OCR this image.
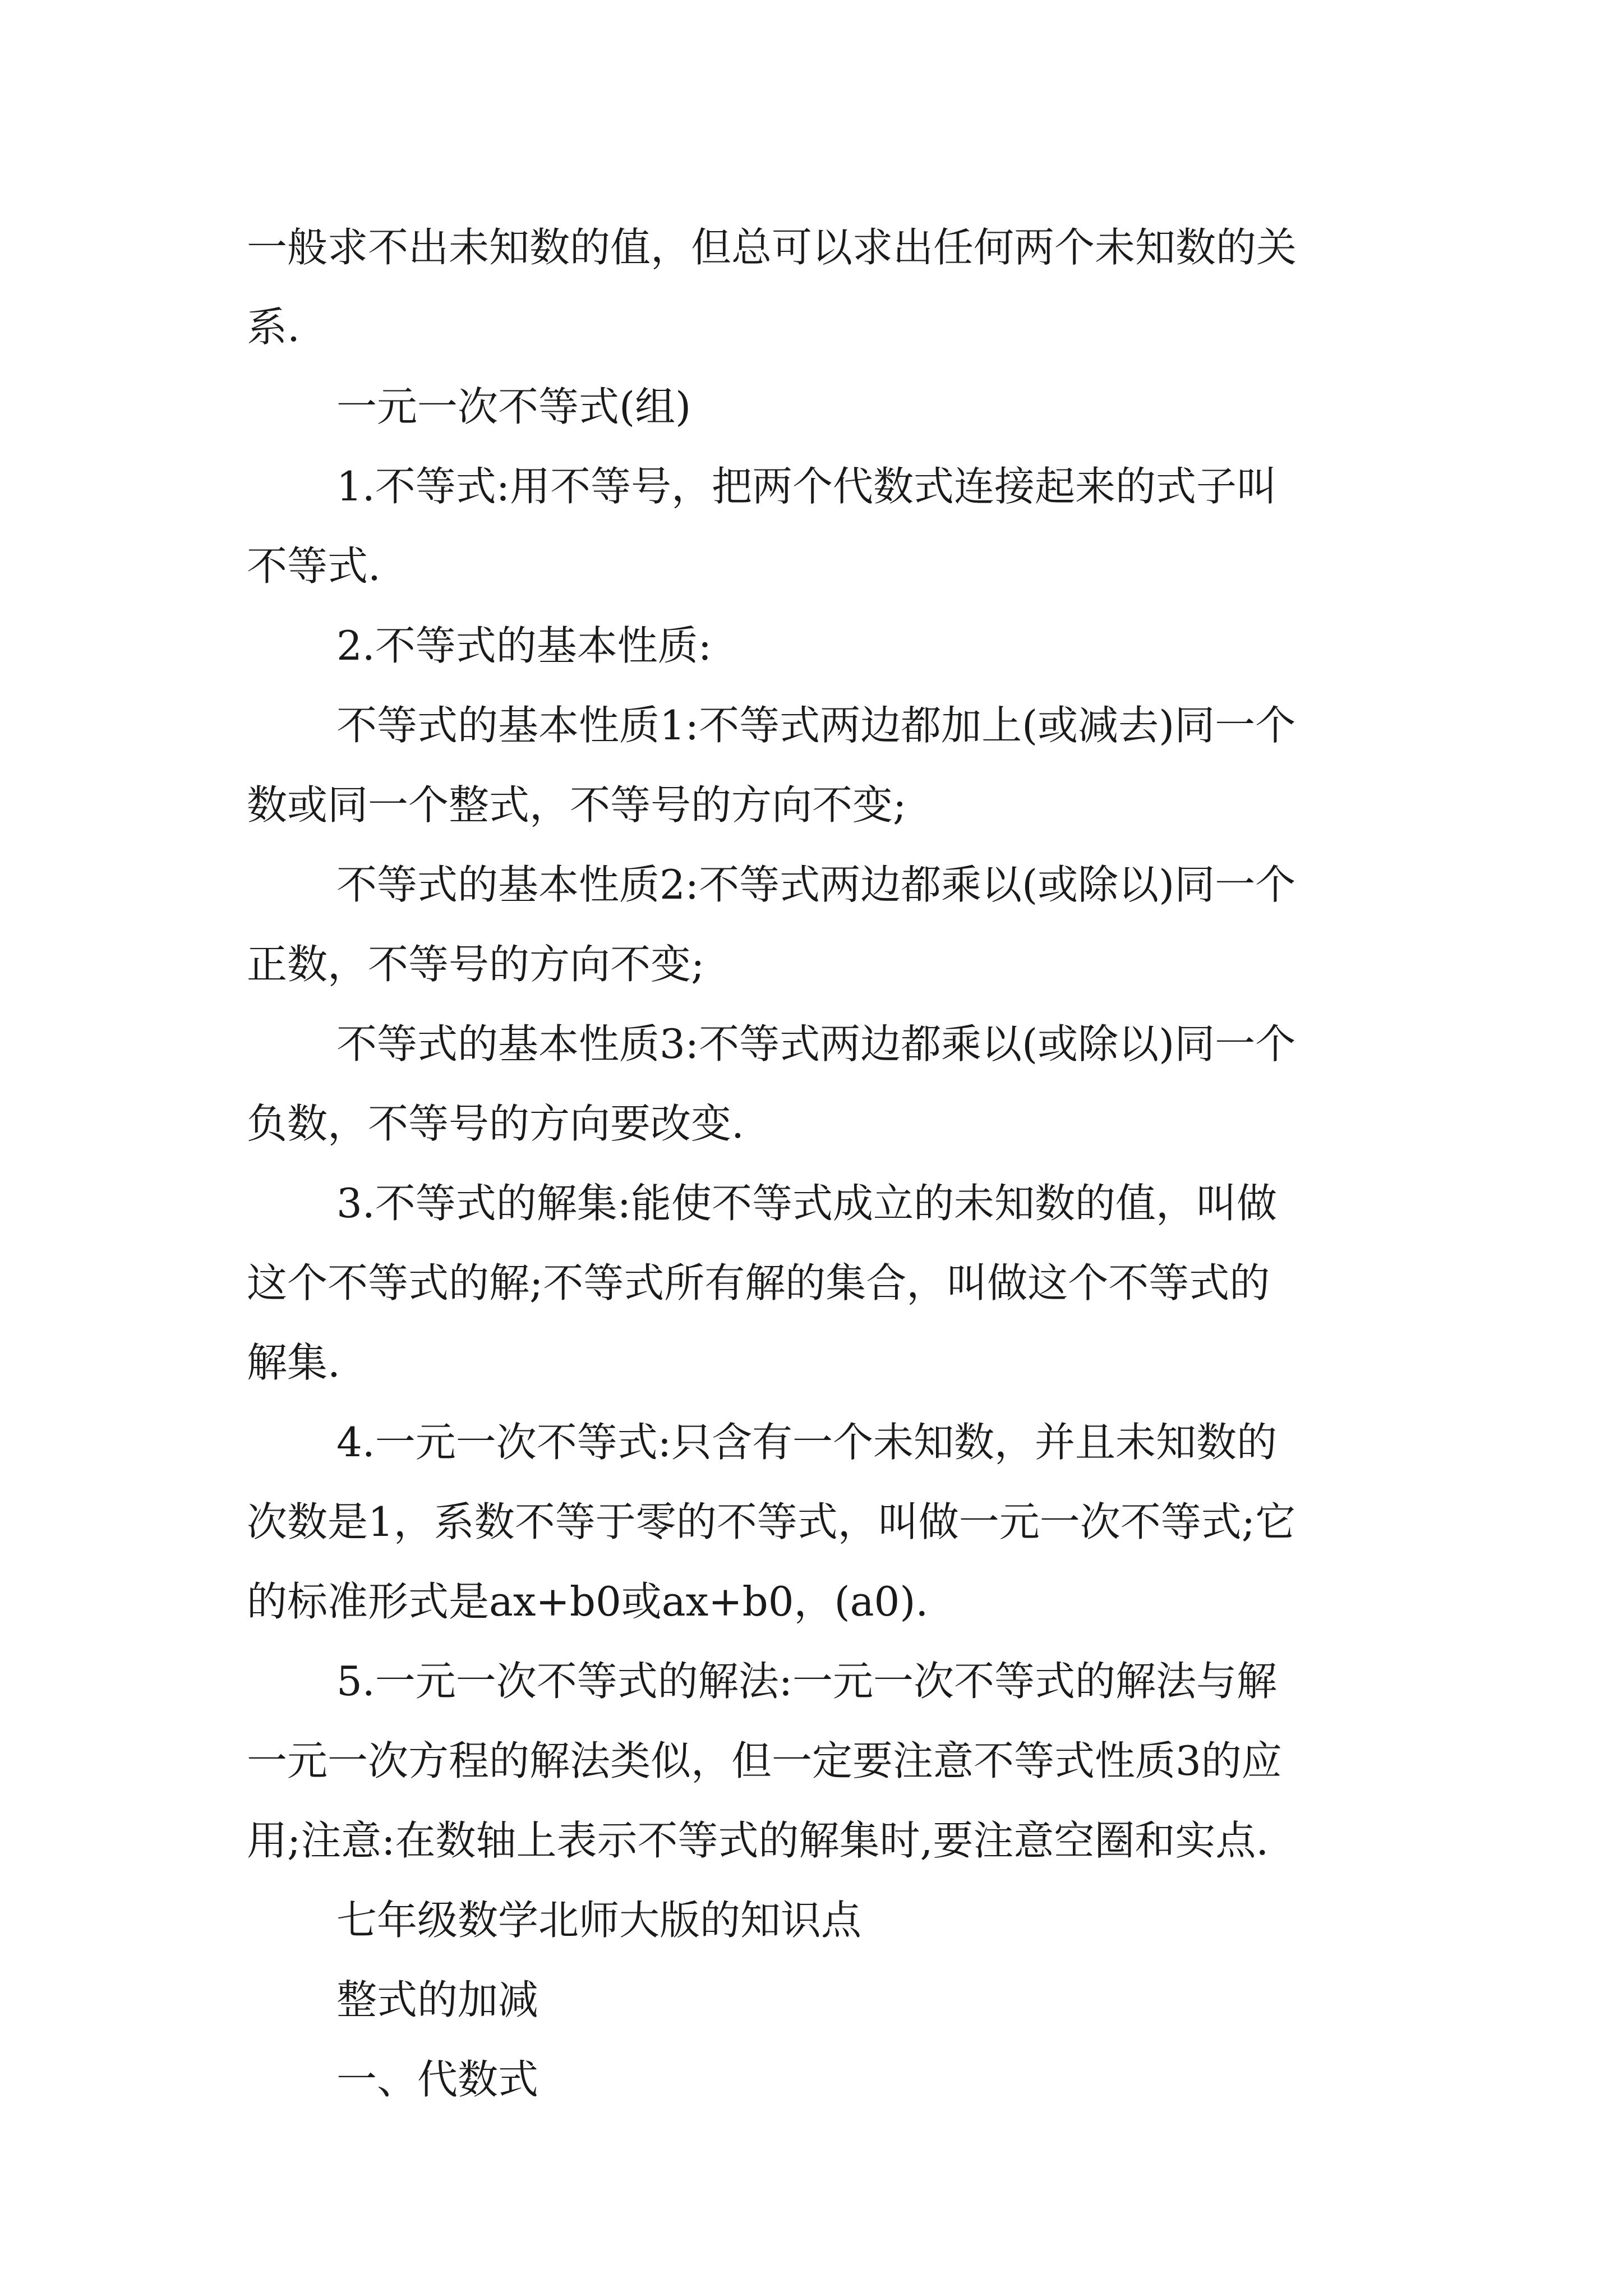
一般求不出未知数的值，但总可以求出任何两个未知数的关
系.
一元一次不等式(组)
1.不等式:用不等号，把两个代数式连接起来的式子叫
不等式.
2.不等式的基本性质:
不等式的基本性质1:不等式两边都加上(或减去)同一个
数或同一个整式，不等号的方向不变;
不等式的基本性质2:不等式两边都乘以(或除以)同一个
正数，不等号的方向不变;
不等式的基本性质3:不等式两边都乘以(或除以)同一个
负数，不等号的方向要改变.
3.不等式的解集:能使不等式成立的未知数的值，叫做
这个不等式的解;不等式所有解的集合，叫做这个不等式的
解集.
4.一元一次不等式:只含有一个未知数，并且未知数的
次数是1，系数不等于零的不等式，叫做一元一次不等式;它
的标准形式是ax+b0或ax+b0，(a0).
5.一元一次不等式的解法:一元一次不等式的解法与解
一元一次方程的解法类似，但一定要注意不等式性质3的应
用;注意:在数轴上表示不等式的解集时,要注意空圈和实点.
七年级数学北师大版的知识点
整式的加减
一、代数式
